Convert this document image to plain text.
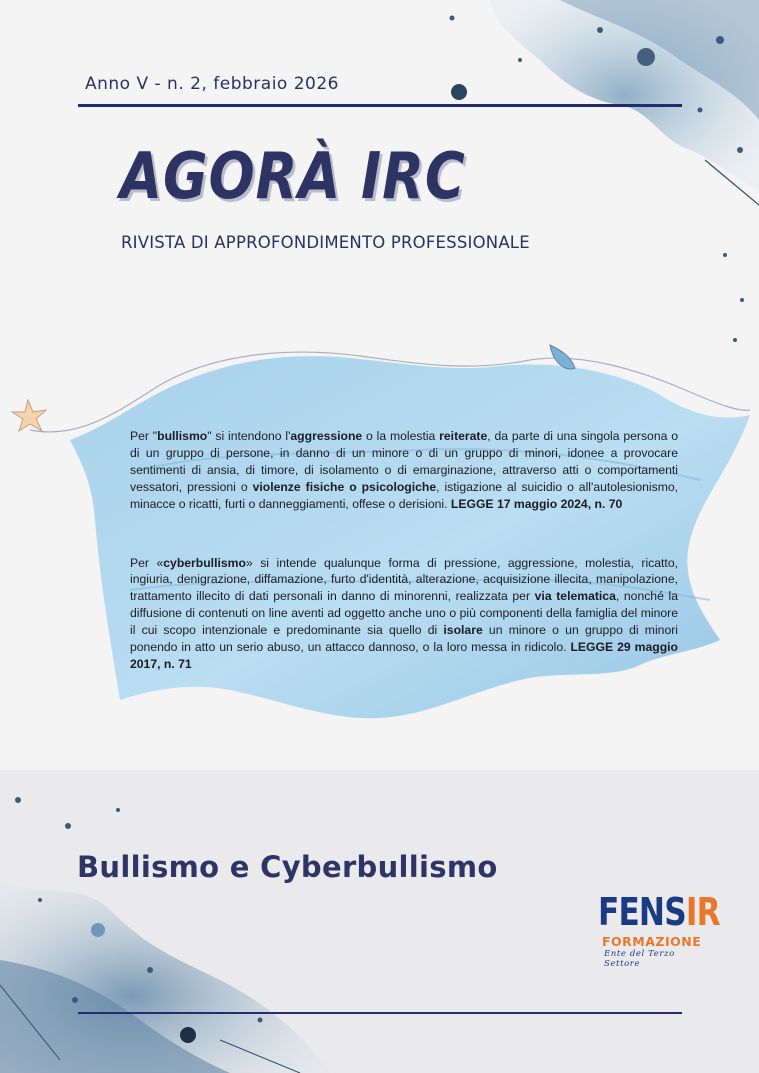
Anno V - n. 2, febbraio 2026
AGORÀ IRC
RIVISTA DI APPROFONDIMENTO PROFESSIONALE

Per "bullismo" si intendono l'aggressione o la molestia reiterate, da parte di una singola persona o di un gruppo di persone, in danno di un minore o di un gruppo di minori, idonee a provocare sentimenti di ansia, di timore, di isolamento o di emarginazione, attraverso atti o comportamenti vessatori, pressioni o violenze fisiche o psicologiche, istigazione al suicidio o all'autolesionismo, minacce o ricatti, furti o danneggiamenti, offese o derisioni. LEGGE 17 maggio 2024, n. 70

Per «cyberbullismo» si intende qualunque forma di pressione, aggressione, molestia, ricatto, ingiuria, denigrazione, diffamazione, furto d'identità, alterazione, acquisizione illecita, manipolazione, trattamento illecito di dati personali in danno di minorenni, realizzata per via telematica, nonché la diffusione di contenuti on line aventi ad oggetto anche uno o più componenti della famiglia del minore il cui scopo intenzionale e predominante sia quello di isolare un minore o un gruppo di minori ponendo in atto un serio abuso, un attacco dannoso, o la loro messa in ridicolo. LEGGE 29 maggio 2017, n. 71

Bullismo e Cyberbullismo
FENSIR
FORMAZIONE
Ente del Terzo Settore
